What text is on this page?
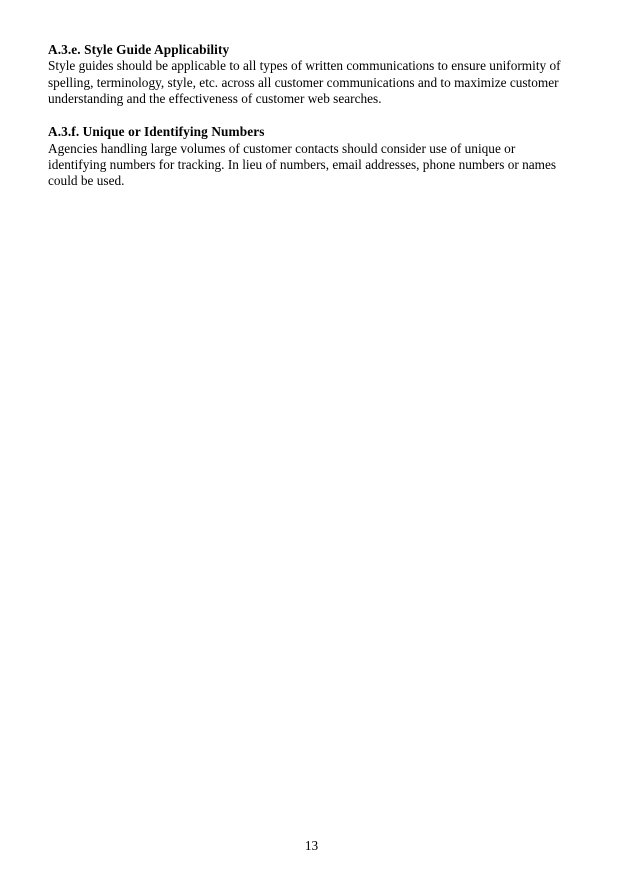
A.3.e. Style Guide Applicability

Style guides should be applicable to all types of written communications to ensure uniformity of spelling, terminology, style, etc. across all customer communications and to maximize customer understanding and the effectiveness of customer web searches.

A.3.f. Unique or Identifying Numbers

Agencies handling large volumes of customer contacts should consider use of unique or identifying numbers for tracking. In lieu of numbers, email addresses, phone numbers or names could be used.

13
